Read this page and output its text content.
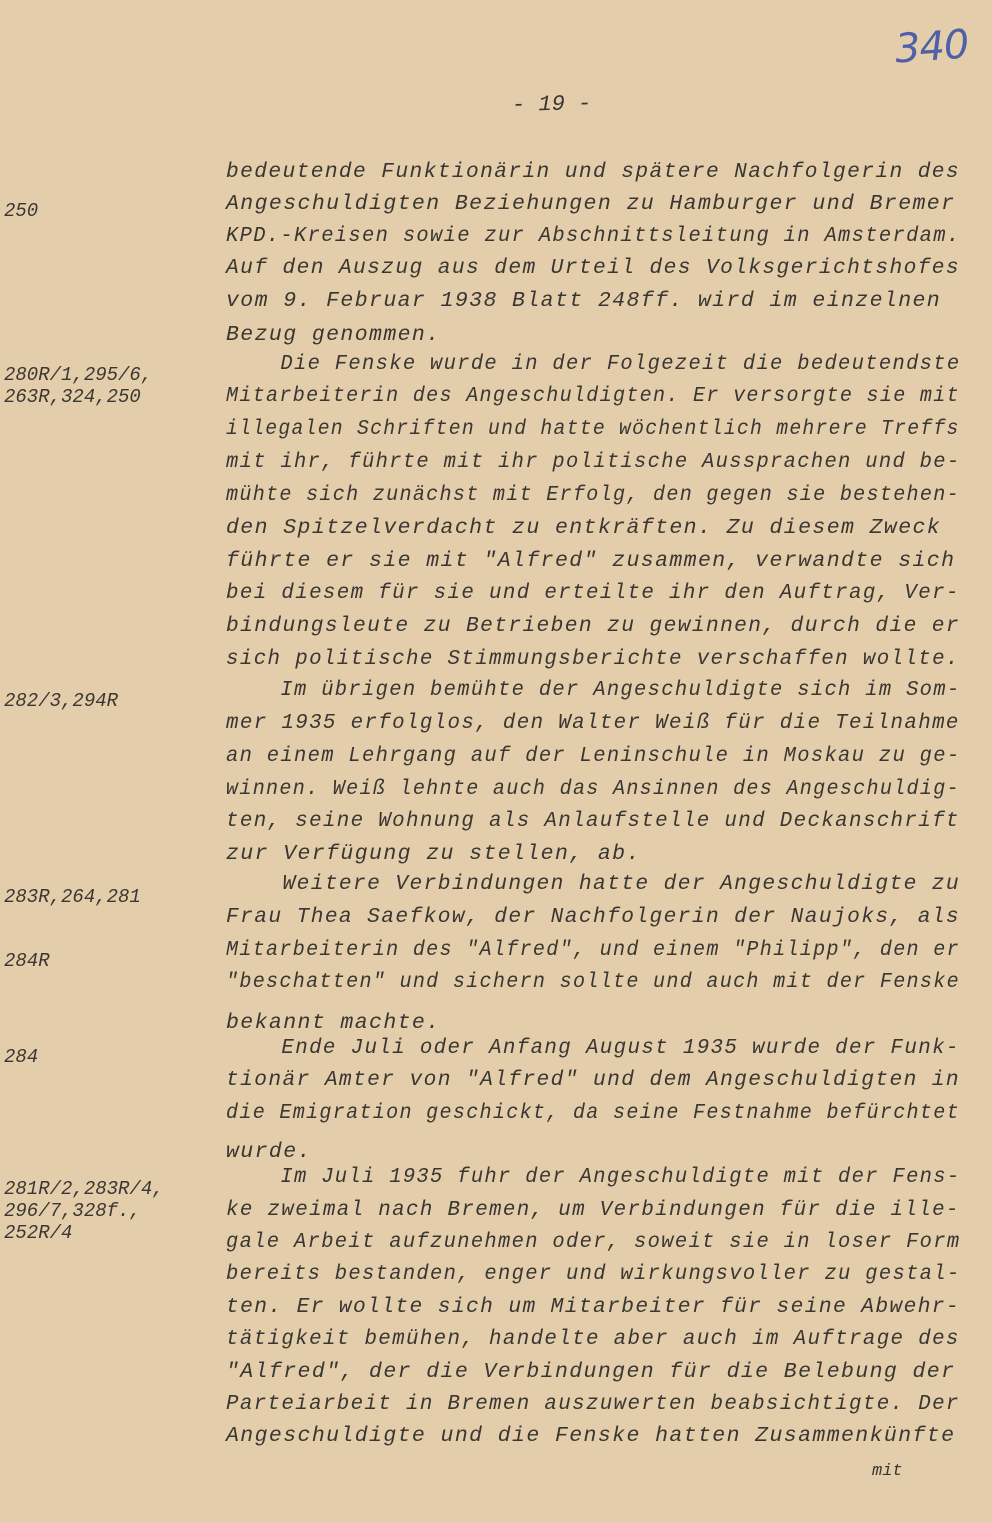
340
- 19 -
250
280R/1,295/6,
263R,324,250
282/3,294R
283R,264,281
284R
284
281R/2,283R/4,
296/7,328f.,
252R/4
bedeutende Funktionärin und spätere Nachfolgerin des
Angeschuldigten Beziehungen zu Hamburger und Bremer
KPD.-Kreisen sowie zur Abschnittsleitung in Amsterdam.
Auf den Auszug aus dem Urteil des Volksgerichtshofes
vom 9. Februar 1938 Blatt 248ff. wird im einzelnen
Bezug genommen.
Die Fenske wurde in der Folgezeit die bedeutendste
Mitarbeiterin des Angeschuldigten. Er versorgte sie mit
illegalen Schriften und hatte wöchentlich mehrere Treffs
mit ihr, führte mit ihr politische Aussprachen und be-
mühte sich zunächst mit Erfolg, den gegen sie bestehen-
den Spitzelverdacht zu entkräften. Zu diesem Zweck
führte er sie mit "Alfred" zusammen, verwandte sich
bei diesem für sie und erteilte ihr den Auftrag, Ver-
bindungsleute zu Betrieben zu gewinnen, durch die er
sich politische Stimmungsberichte verschaffen wollte.
Im übrigen bemühte der Angeschuldigte sich im Som-
mer 1935 erfolglos, den Walter Weiß für die Teilnahme
an einem Lehrgang auf der Leninschule in Moskau zu ge-
winnen. Weiß lehnte auch das Ansinnen des Angeschuldig-
ten, seine Wohnung als Anlaufstelle und Deckanschrift
zur Verfügung zu stellen, ab.
Weitere Verbindungen hatte der Angeschuldigte zu
Frau Thea Saefkow, der Nachfolgerin der Naujoks, als
Mitarbeiterin des "Alfred", und einem "Philipp", den er
"beschatten" und sichern sollte und auch mit der Fenske
bekannt machte.
Ende Juli oder Anfang August 1935 wurde der Funk-
tionär Amter von "Alfred" und dem Angeschuldigten in
die Emigration geschickt, da seine Festnahme befürchtet
wurde.
Im Juli 1935 fuhr der Angeschuldigte mit der Fens-
ke zweimal nach Bremen, um Verbindungen für die ille-
gale Arbeit aufzunehmen oder, soweit sie in loser Form
bereits bestanden, enger und wirkungsvoller zu gestal-
ten. Er wollte sich um Mitarbeiter für seine Abwehr-
tätigkeit bemühen, handelte aber auch im Auftrage des
"Alfred", der die Verbindungen für die Belebung der
Parteiarbeit in Bremen auszuwerten beabsichtigte. Der
Angeschuldigte und die Fenske hatten Zusammenkünfte
mit
